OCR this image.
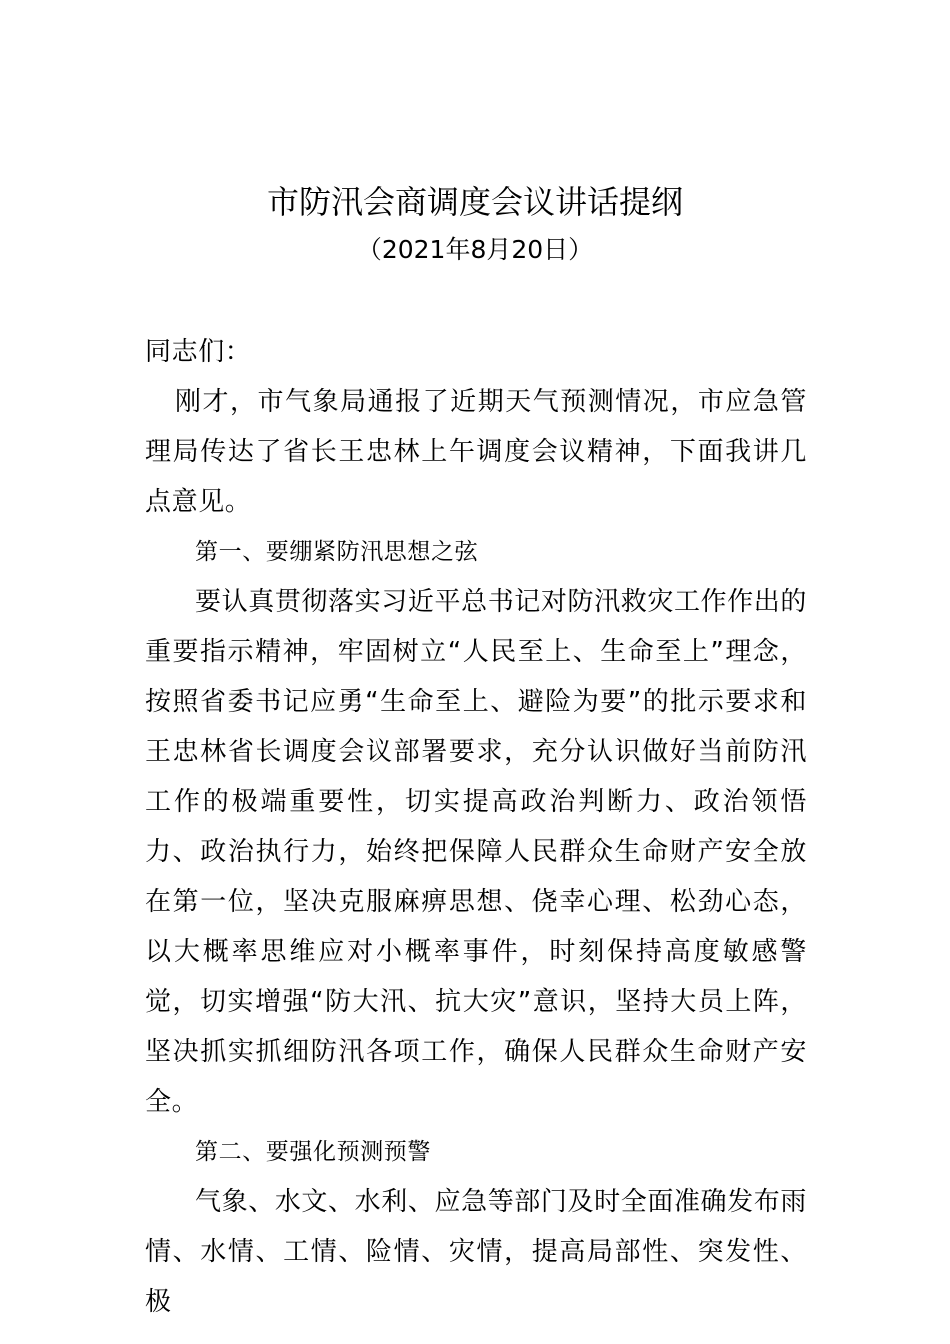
市防汛会商调度会议讲话提纲
（2021年8月20日）

同志们：

刚才，市气象局通报了近期天气预测情况，市应急管理局传达了省长王忠林上午调度会议精神，下面我讲几点意见。

第一、要绷紧防汛思想之弦

要认真贯彻落实习近平总书记对防汛救灾工作作出的重要指示精神，牢固树立“人民至上、生命至上”理念，按照省委书记应勇“生命至上、避险为要”的批示要求和王忠林省长调度会议部署要求，充分认识做好当前防汛工作的极端重要性，切实提高政治判断力、政治领悟力、政治执行力，始终把保障人民群众生命财产安全放在第一位，坚决克服麻痹思想、侥幸心理、松劲心态，以大概率思维应对小概率事件，时刻保持高度敏感警觉，切实增强“防大汛、抗大灾”意识，坚持大员上阵，坚决抓实抓细防汛各项工作，确保人民群众生命财产安全。

第二、要强化预测预警

气象、水文、水利、应急等部门及时全面准确发布雨情、水情、工情、险情、灾情，提高局部性、突发性、极
